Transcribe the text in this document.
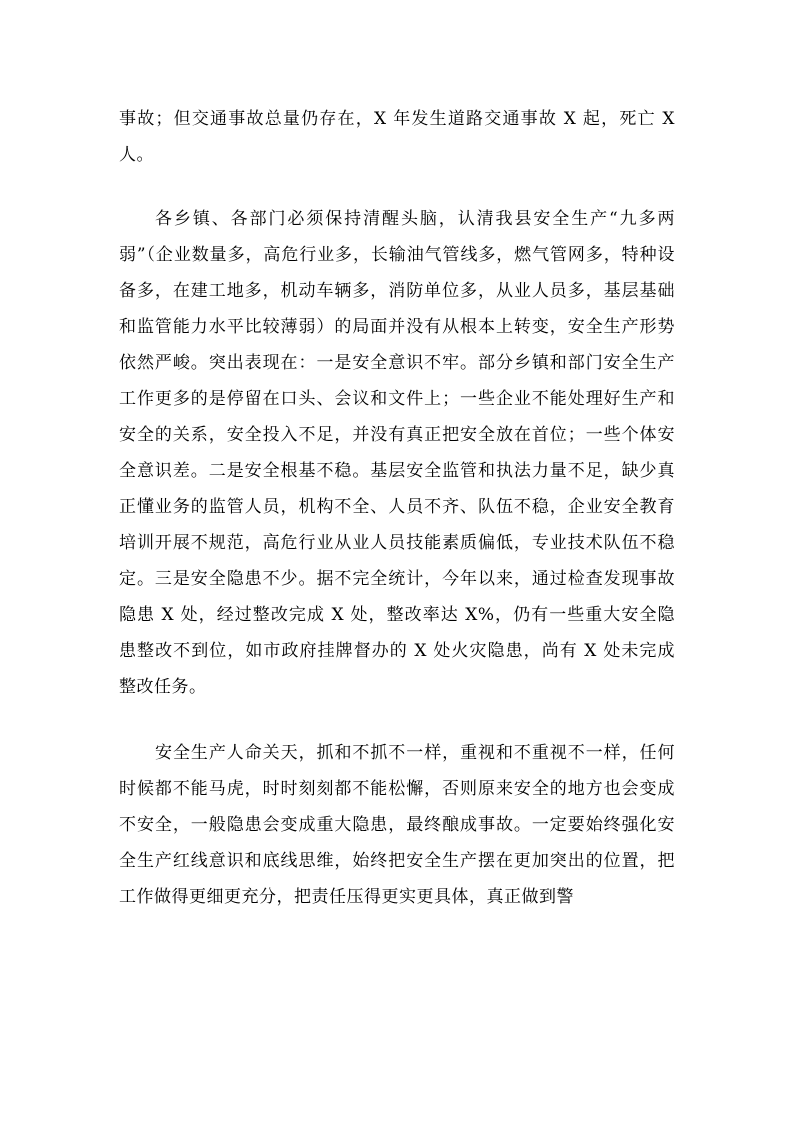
事故；但交通事故总量仍存在，X 年发生道路交通事故 X 起，死亡 X 人。

各乡镇、各部门必须保持清醒头脑，认清我县安全生产“九多两弱”（企业数量多，高危行业多，长输油气管线多，燃气管网多，特种设备多，在建工地多，机动车辆多，消防单位多，从业人员多，基层基础和监管能力水平比较薄弱）的局面并没有从根本上转变，安全生产形势依然严峻。突出表现在：一是安全意识不牢。部分乡镇和部门安全生产工作更多的是停留在口头、会议和文件上；一些企业不能处理好生产和安全的关系，安全投入不足，并没有真正把安全放在首位；一些个体安全意识差。二是安全根基不稳。基层安全监管和执法力量不足，缺少真正懂业务的监管人员，机构不全、人员不齐、队伍不稳，企业安全教育培训开展不规范，高危行业从业人员技能素质偏低，专业技术队伍不稳定。三是安全隐患不少。据不完全统计，今年以来，通过检查发现事故隐患 X 处，经过整改完成 X 处，整改率达 X%，仍有一些重大安全隐患整改不到位，如市政府挂牌督办的 X 处火灾隐患，尚有 X 处未完成整改任务。

安全生产人命关天，抓和不抓不一样，重视和不重视不一样，任何时候都不能马虎，时时刻刻都不能松懈，否则原来安全的地方也会变成不安全，一般隐患会变成重大隐患，最终酿成事故。一定要始终强化安全生产红线意识和底线思维，始终把安全生产摆在更加突出的位置，把工作做得更细更充分，把责任压得更实更具体，真正做到警
